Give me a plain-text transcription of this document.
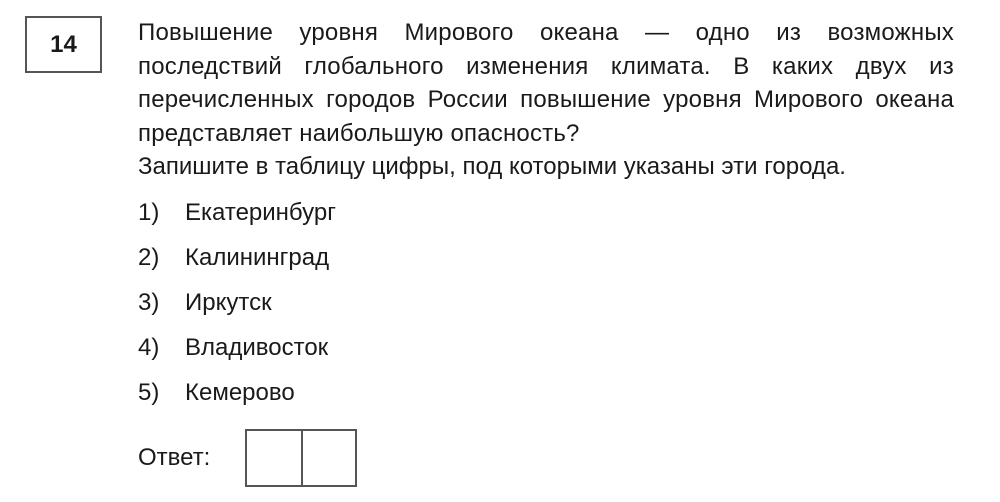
14	Повышение уровня Мирового океана — одно из возможных последствий глобального изменения климата. В каких двух из перечисленных городов России повышение уровня Мирового океана представляет наибольшую опасность?
Запишите в таблицу цифры, под которыми указаны эти города.
1) Екатеринбург
2) Калининград
3) Иркутск
4) Владивосток
5) Кемерово
Ответ:
